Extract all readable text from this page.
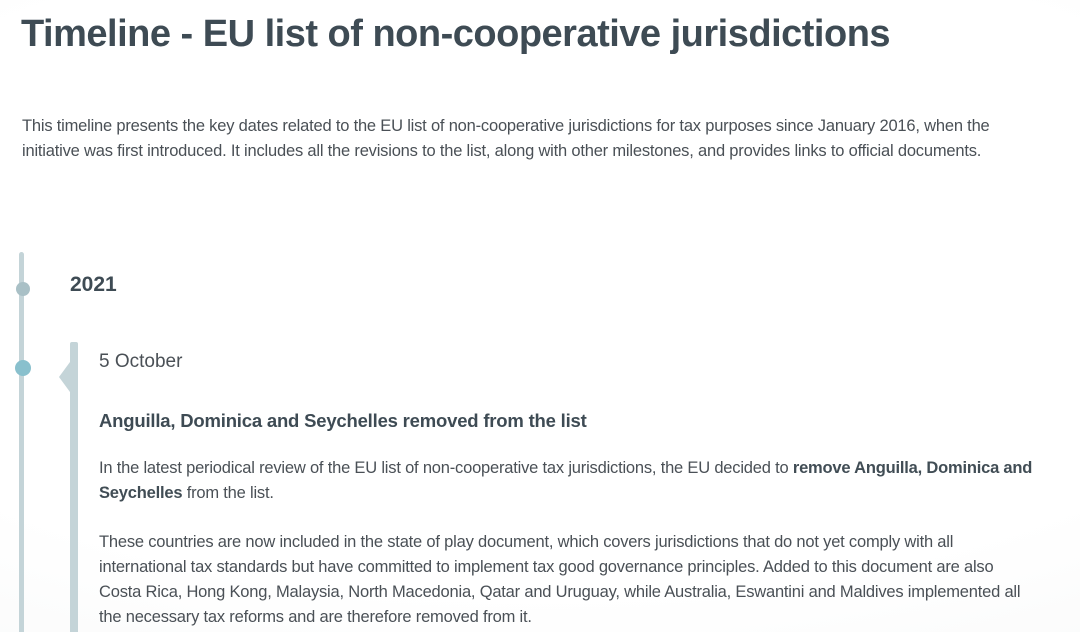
Timeline - EU list of non-cooperative jurisdictions

This timeline presents the key dates related to the EU list of non-cooperative jurisdictions for tax purposes since January 2016, when the initiative was first introduced. It includes all the revisions to the list, along with other milestones, and provides links to official documents.

2021

5 October

Anguilla, Dominica and Seychelles removed from the list

In the latest periodical review of the EU list of non-cooperative tax jurisdictions, the EU decided to remove Anguilla, Dominica and Seychelles from the list.

These countries are now included in the state of play document, which covers jurisdictions that do not yet comply with all international tax standards but have committed to implement tax good governance principles. Added to this document are also Costa Rica, Hong Kong, Malaysia, North Macedonia, Qatar and Uruguay, while Australia, Eswantini and Maldives implemented all the necessary tax reforms and are therefore removed from it.
